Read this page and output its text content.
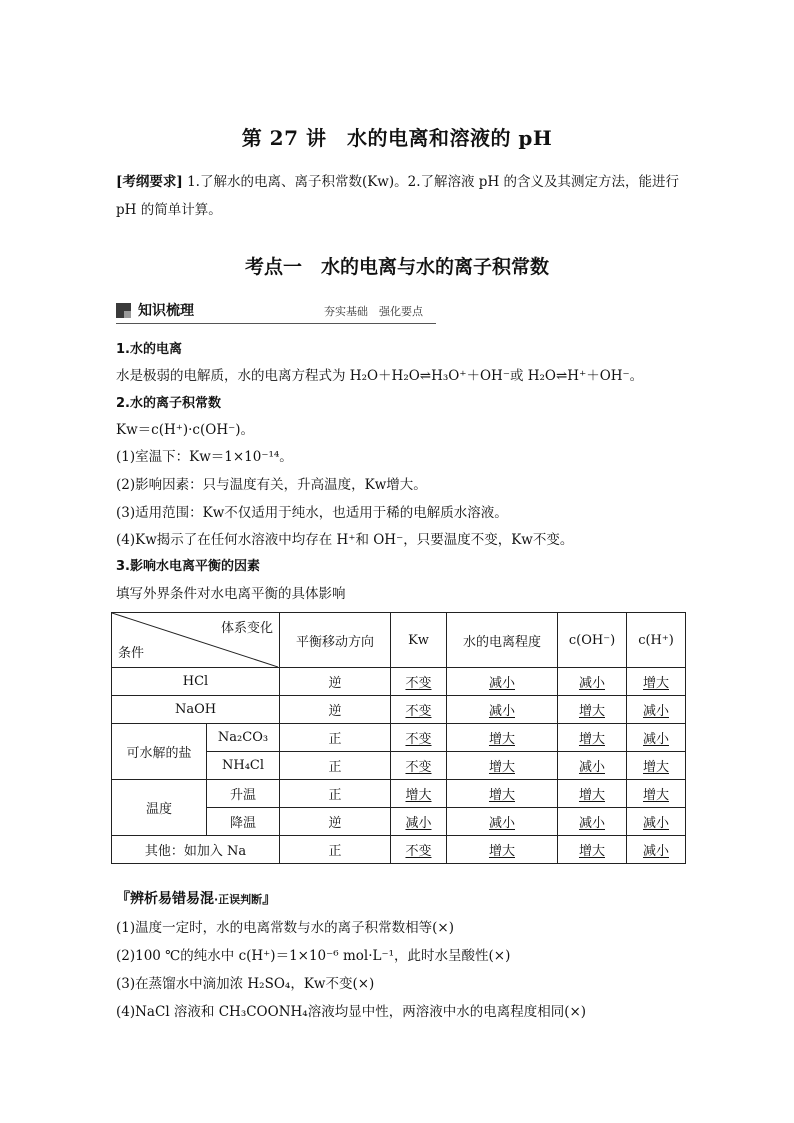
第 27 讲　水的电离和溶液的 pH
[考纲要求] 1.了解水的电离、离子积常数(Kw)。2.了解溶液 pH 的含义及其测定方法，能进行pH 的简单计算。
考点一　水的电离与水的离子积常数
知识梳理	夯实基础　强化要点
1.水的电离
水是极弱的电解质，水的电离方程式为 H₂O＋H₂O⇌H₃O⁺＋OH⁻或 H₂O⇌H⁺＋OH⁻。
2.水的离子积常数
Kw＝c(H⁺)·c(OH⁻)。
(1)室温下：Kw＝1×10⁻¹⁴。
(2)影响因素：只与温度有关，升高温度，Kw增大。
(3)适用范围：Kw不仅适用于纯水，也适用于稀的电解质水溶液。
(4)Kw揭示了在任何水溶液中均存在 H⁺和 OH⁻，只要温度不变，Kw不变。
3.影响水电离平衡的因素
填写外界条件对水电离平衡的具体影响
体系变化
条件		平衡移动方向	Kw	水的电离程度	c(OH⁻)	c(H⁺)
HCl		逆	不变	减小	减小	增大
NaOH		逆	不变	减小	增大	减小
可水解的盐	Na₂CO₃	正	不变	增大	增大	减小
	NH₄Cl	正	不变	增大	减小	增大
温度	升温	正	增大	增大	增大	增大
	降温	逆	减小	减小	减小	减小
其他：如加入 Na		正	不变	增大	增大	减小
『辨析易错易混·正误判断』
(1)温度一定时，水的电离常数与水的离子积常数相等(×)
(2)100 ℃的纯水中 c(H⁺)＝1×10⁻⁶ mol·L⁻¹，此时水呈酸性(×)
(3)在蒸馏水中滴加浓 H₂SO₄，Kw不变(×)
(4)NaCl 溶液和 CH₃COONH₄溶液均显中性，两溶液中水的电离程度相同(×)
